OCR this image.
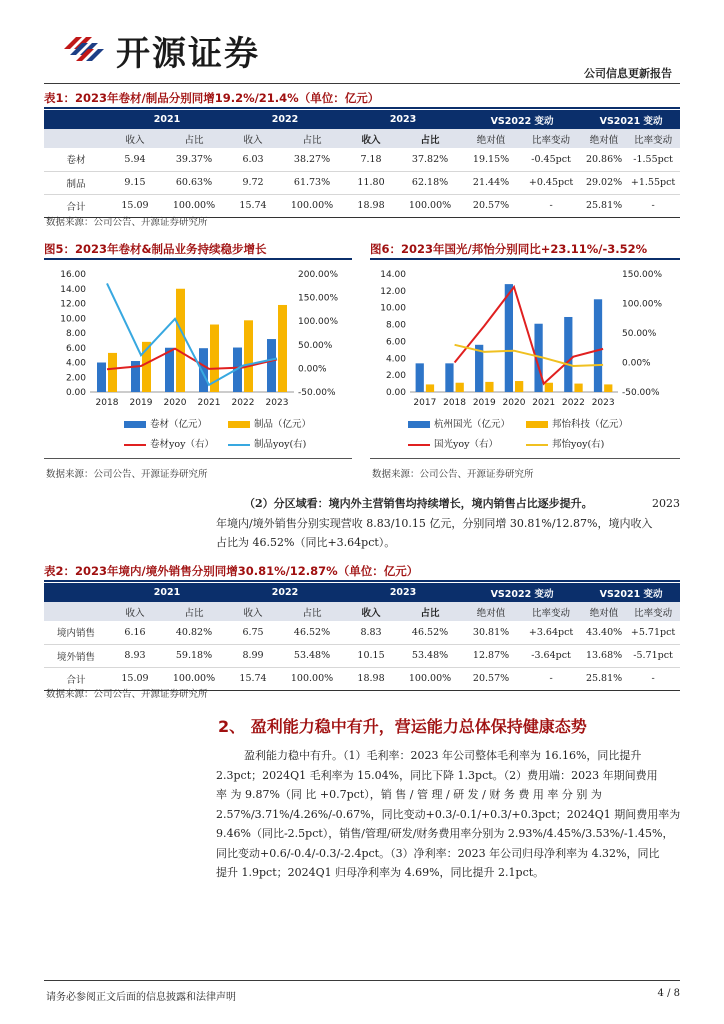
开源证券	公司信息更新报告
表1：2023年卷材/制品分别同增19.2%/21.4%（单位：亿元）
	2021		2022		2023		VS2022 变动		VS2021 变动	
	收入	占比	收入	占比	收入	占比	绝对值	比率变动	绝对值	比率变动
卷材	5.94	39.37%	6.03	38.27%	7.18	37.82%	19.15%	-0.45pct	20.86%	-1.55pct
制品	9.15	60.63%	9.72	61.73%	11.80	62.18%	21.44%	+0.45pct	29.02%	+1.55pct
合计	15.09	100.00%	15.74	100.00%	18.98	100.00%	20.57%	-	25.81%	-
数据来源：公司公告、开源证券研究所
图5：2023年卷材&制品业务持续稳步增长
16.00
14.00
12.00
10.00
8.00
6.00
4.00
2.00
0.00
200.00%
150.00%
100.00%
50.00%
0.00%
-50.00%
2018 2019 2020 2021 2022 2023
卷材（亿元）	制品（亿元）
卷材yoy（右）	制品yoy(右)
数据来源：公司公告、开源证券研究所
图6：2023年国光/邦怡分别同比+23.11%/-3.52%
14.00
12.00
10.00
8.00
6.00
4.00
2.00
0.00
150.00%
100.00%
50.00%
0.00%
-50.00%
2017 2018 2019 2020 2021 2022 2023
杭州国光（亿元）	邦怡科技（亿元）
国光yoy（右）	邦怡yoy(右)
数据来源：公司公告、开源证券研究所
（2）分区域看：境内外主营销售均持续增长，境内销售占比逐步提升。	2023
年境内/境外销售分别实现营收 8.83/10.15 亿元，分别同增 30.81%/12.87%，境内收入
占比为 46.52%（同比+3.64pct）。
表2：2023年境内/境外销售分别同增30.81%/12.87%（单位：亿元）
	2021		2022		2023		VS2022 变动		VS2021 变动	
	收入	占比	收入	占比	收入	占比	绝对值	比率变动	绝对值	比率变动
境内销售	6.16	40.82%	6.75	46.52%	8.83	46.52%	30.81%	+3.64pct	43.40%	+5.71pct
境外销售	8.93	59.18%	8.99	53.48%	10.15	53.48%	12.87%	-3.64pct	13.68%	-5.71pct
合计	15.09	100.00%	15.74	100.00%	18.98	100.00%	20.57%	-	25.81%	-
数据来源：公司公告、开源证券研究所
2、 盈利能力稳中有升，营运能力总体保持健康态势
盈利能力稳中有升。（1）毛利率：2023 年公司整体毛利率为 16.16%，同比提升
2.3pct；2024Q1 毛利率为 15.04%，同比下降 1.3pct。（2）费用端：2023 年期间费用
率 为 9.87%（同 比 +0.7pct），销 售 / 管 理 / 研 发 / 财 务 费 用 率 分 别 为
2.57%/3.71%/4.26%/-0.67%，同比变动+0.3/-0.1/+0.3/+0.3pct；2024Q1 期间费用率为
9.46%（同比-2.5pct），销售/管理/研发/财务费用率分别为 2.93%/4.45%/3.53%/-1.45%，
同比变动+0.6/-0.4/-0.3/-2.4pct。（3）净利率：2023 年公司归母净利率为 4.32%，同比
提升 1.9pct；2024Q1 归母净利率为 4.69%，同比提升 2.1pct。
请务必参阅正文后面的信息披露和法律声明	4 / 8
